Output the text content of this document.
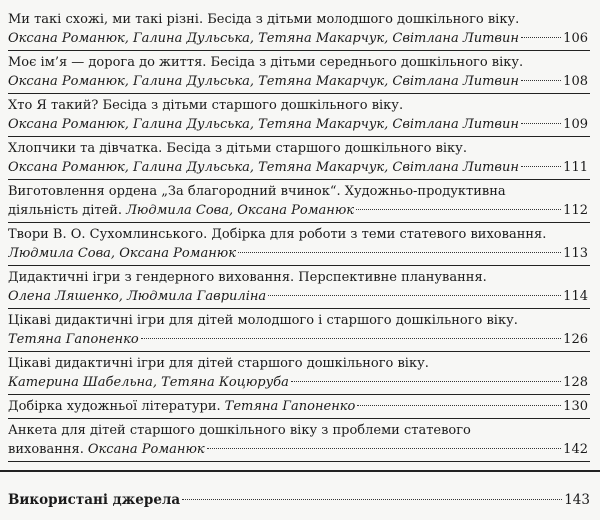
Ми такі схожі, ми такі різні. Бесіда з дітьми молодшого дошкільного віку.
Оксана Романюк, Галина Дульська, Тетяна Макарчук, Світлана Литвин	106
Моє ім’я — дорога до життя. Бесіда з дітьми середнього дошкільного віку.
Оксана Романюк, Галина Дульська, Тетяна Макарчук, Світлана Литвин	108
Хто Я такий? Бесіда з дітьми старшого дошкільного віку.
Оксана Романюк, Галина Дульська, Тетяна Макарчук, Світлана Литвин	109
Хлопчики та дівчатка. Бесіда з дітьми старшого дошкільного віку.
Оксана Романюк, Галина Дульська, Тетяна Макарчук, Світлана Литвин	111
Виготовлення ордена „За благородний вчинок“. Художньо-продуктивна
діяльність дітей. Людмила Сова, Оксана Романюк	112
Твори В. О. Сухомлинського. Добірка для роботи з теми статевого виховання.
Людмила Сова, Оксана Романюк	113
Дидактичні ігри з гендерного виховання. Перспективне планування.
Олена Ляшенко, Людмила Гавриліна	114
Цікаві дидактичні ігри для дітей молодшого і старшого дошкільного віку.
Тетяна Гапоненко	126
Цікаві дидактичні ігри для дітей старшого дошкільного віку.
Катерина Шабельна, Тетяна Коцюруба	128
Добірка художньої літератури. Тетяна Гапоненко	130
Анкета для дітей старшого дошкільного віку з проблеми статевого
виховання. Оксана Романюк	142
Використані джерела	143
